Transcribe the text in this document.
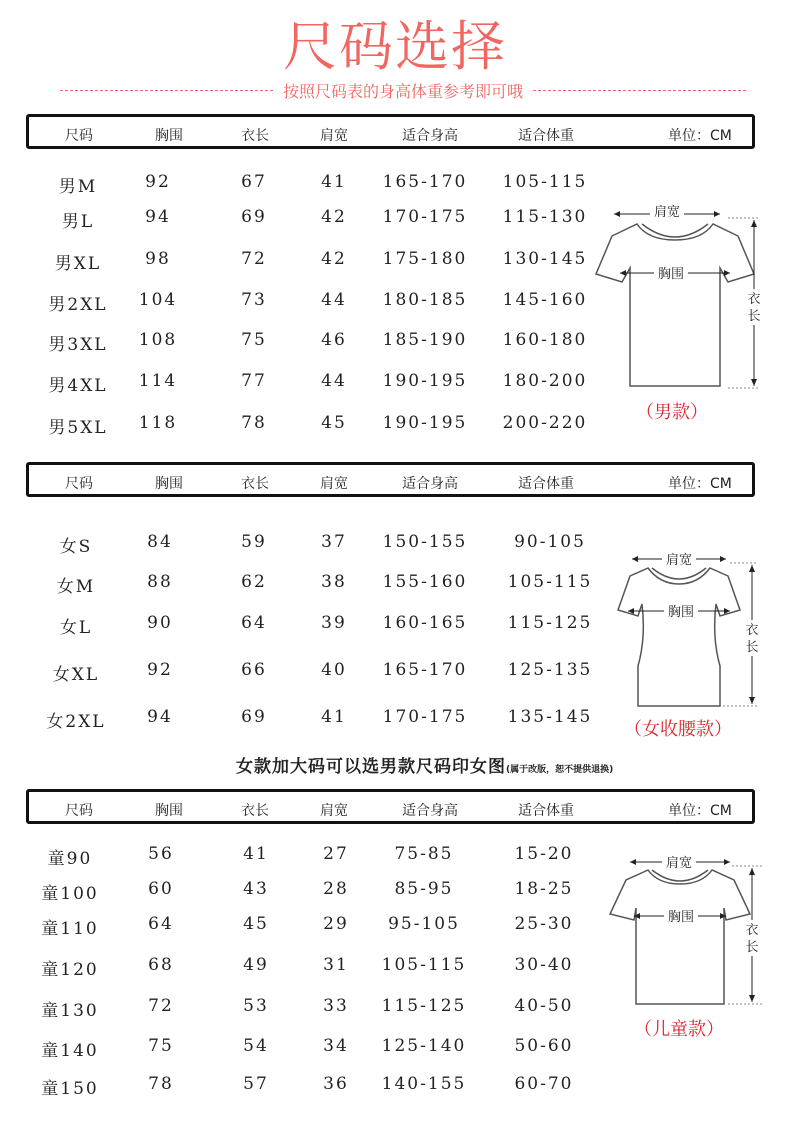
尺码选择
按照尺码表的身高体重参考即可哦
尺码	胸围	衣长	肩宽	适合身高	适合体重	单位：CM
男M	92	67	41 165-170 105-115
男L	94	69	42 170-175 115-130
男XL	98	72	42 175-180 130-145
男2XL 104	73	44 180-185 145-160
男3XL 108	75	46 185-190 160-180
男4XL 114	77	44 190-195 180-200
男5XL 118	78	45 190-195 200-220
尺码	胸围	衣长	肩宽	适合身高	适合体重	单位：CM
女S	84	59	37 150-155	90-105
女M	88	62	38 155-160 105-115
女L	90	64	39 160-165 115-125
女XL	92	66	40 165-170 125-135
女2XL 94	69	41 170-175 135-145
女款加大码可以选男款尺码印女图(属于改版，恕不提供退换)
尺码	胸围	衣长	肩宽	适合身高	适合体重	单位：CM
童90	56	41	27	75-85	15-20
童100	60	43	28	85-95	18-25
童110	64	45	29 95-105	25-30
童120	68	49	31 105-115	30-40
童130	72	53	33 115-125	40-50
童140	75	54	34 125-140	50-60
童150	78	57	36 140-155	60-70
肩宽
胸围
衣
长
（男款）
肩宽
胸围
衣
长
（女收腰款）
肩宽
胸围
衣
长
（儿童款）
